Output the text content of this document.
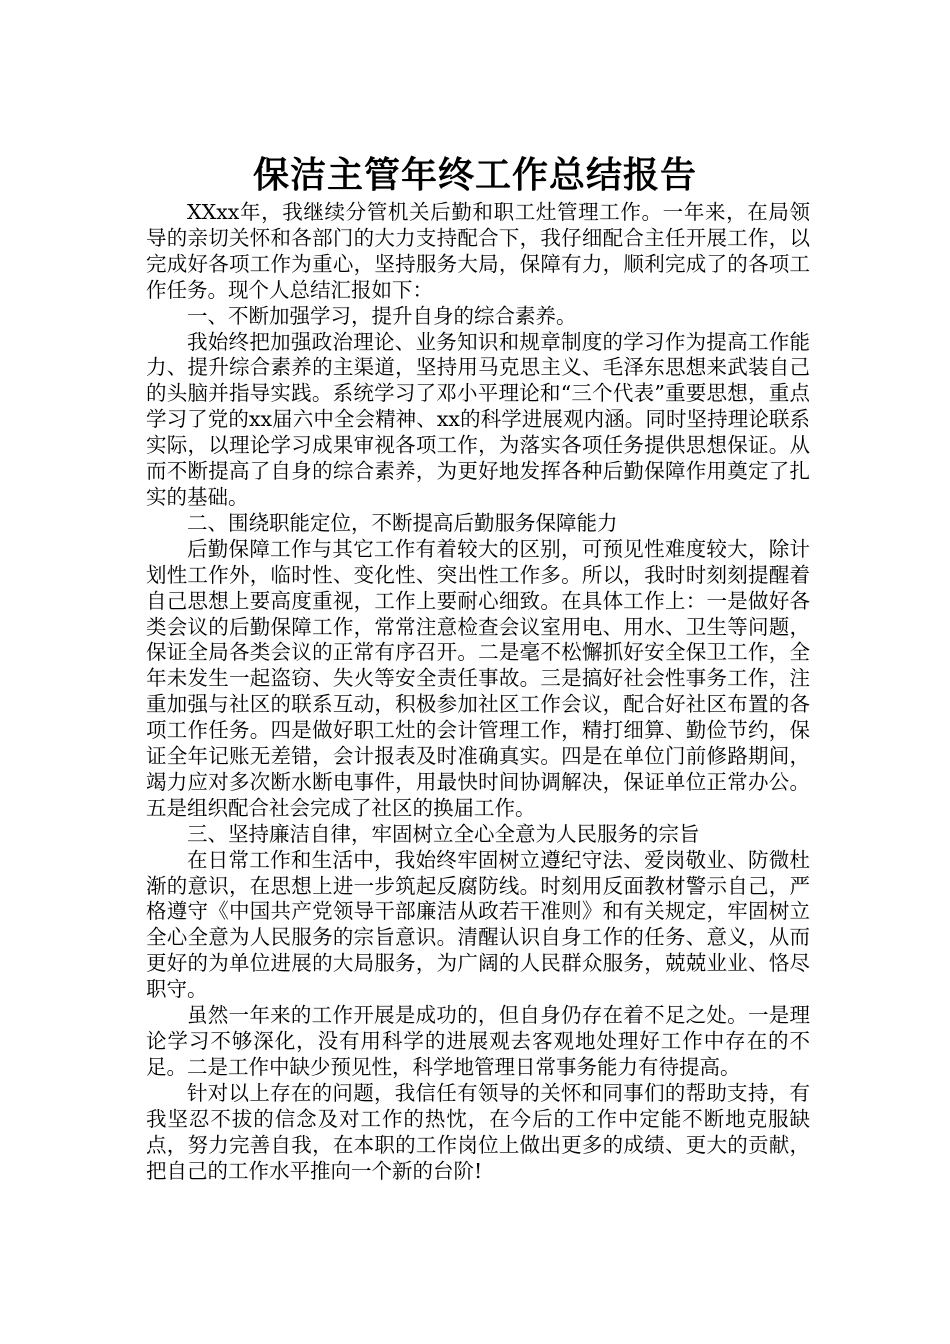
保洁主管年终工作总结报告

XXxx年，我继续分管机关后勤和职工灶管理工作。一年来，在局领导的亲切关怀和各部门的大力支持配合下，我仔细配合主任开展工作，以完成好各项工作为重心，坚持服务大局，保障有力，顺利完成了的各项工作任务。现个人总结汇报如下：

一、不断加强学习，提升自身的综合素养。

我始终把加强政治理论、业务知识和规章制度的学习作为提高工作能力、提升综合素养的主渠道，坚持用马克思主义、毛泽东思想来武装自己的头脑并指导实践。系统学习了邓小平理论和“三个代表”重要思想，重点学习了党的xx届六中全会精神、xx的科学进展观内涵。同时坚持理论联系实际，以理论学习成果审视各项工作，为落实各项任务提供思想保证。从而不断提高了自身的综合素养，为更好地发挥各种后勤保障作用奠定了扎实的基础。

二、围绕职能定位，不断提高后勤服务保障能力

后勤保障工作与其它工作有着较大的区别，可预见性难度较大，除计划性工作外，临时性、变化性、突出性工作多。所以，我时时刻刻提醒着自己思想上要高度重视，工作上要耐心细致。在具体工作上：一是做好各类会议的后勤保障工作，常常注意检查会议室用电、用水、卫生等问题，保证全局各类会议的正常有序召开。二是毫不松懈抓好安全保卫工作，全年未发生一起盗窃、失火等安全责任事故。三是搞好社会性事务工作，注重加强与社区的联系互动，积极参加社区工作会议，配合好社区布置的各项工作任务。四是做好职工灶的会计管理工作，精打细算、勤俭节约，保证全年记账无差错，会计报表及时准确真实。四是在单位门前修路期间，竭力应对多次断水断电事件，用最快时间协调解决，保证单位正常办公。五是组织配合社会完成了社区的换届工作。

三、坚持廉洁自律，牢固树立全心全意为人民服务的宗旨

在日常工作和生活中，我始终牢固树立遵纪守法、爱岗敬业、防微杜渐的意识，在思想上进一步筑起反腐防线。时刻用反面教材警示自己，严格遵守《中国共产党领导干部廉洁从政若干准则》和有关规定，牢固树立全心全意为人民服务的宗旨意识。清醒认识自身工作的任务、意义，从而更好的为单位进展的大局服务，为广阔的人民群众服务，兢兢业业、恪尽职守。

虽然一年来的工作开展是成功的，但自身仍存在着不足之处。一是理论学习不够深化，没有用科学的进展观去客观地处理好工作中存在的不足。二是工作中缺少预见性，科学地管理日常事务能力有待提高。

针对以上存在的问题，我信任有领导的关怀和同事们的帮助支持，有我坚忍不拔的信念及对工作的热忱，在今后的工作中定能不断地克服缺点，努力完善自我，在本职的工作岗位上做出更多的成绩、更大的贡献，把自己的工作水平推向一个新的台阶!
